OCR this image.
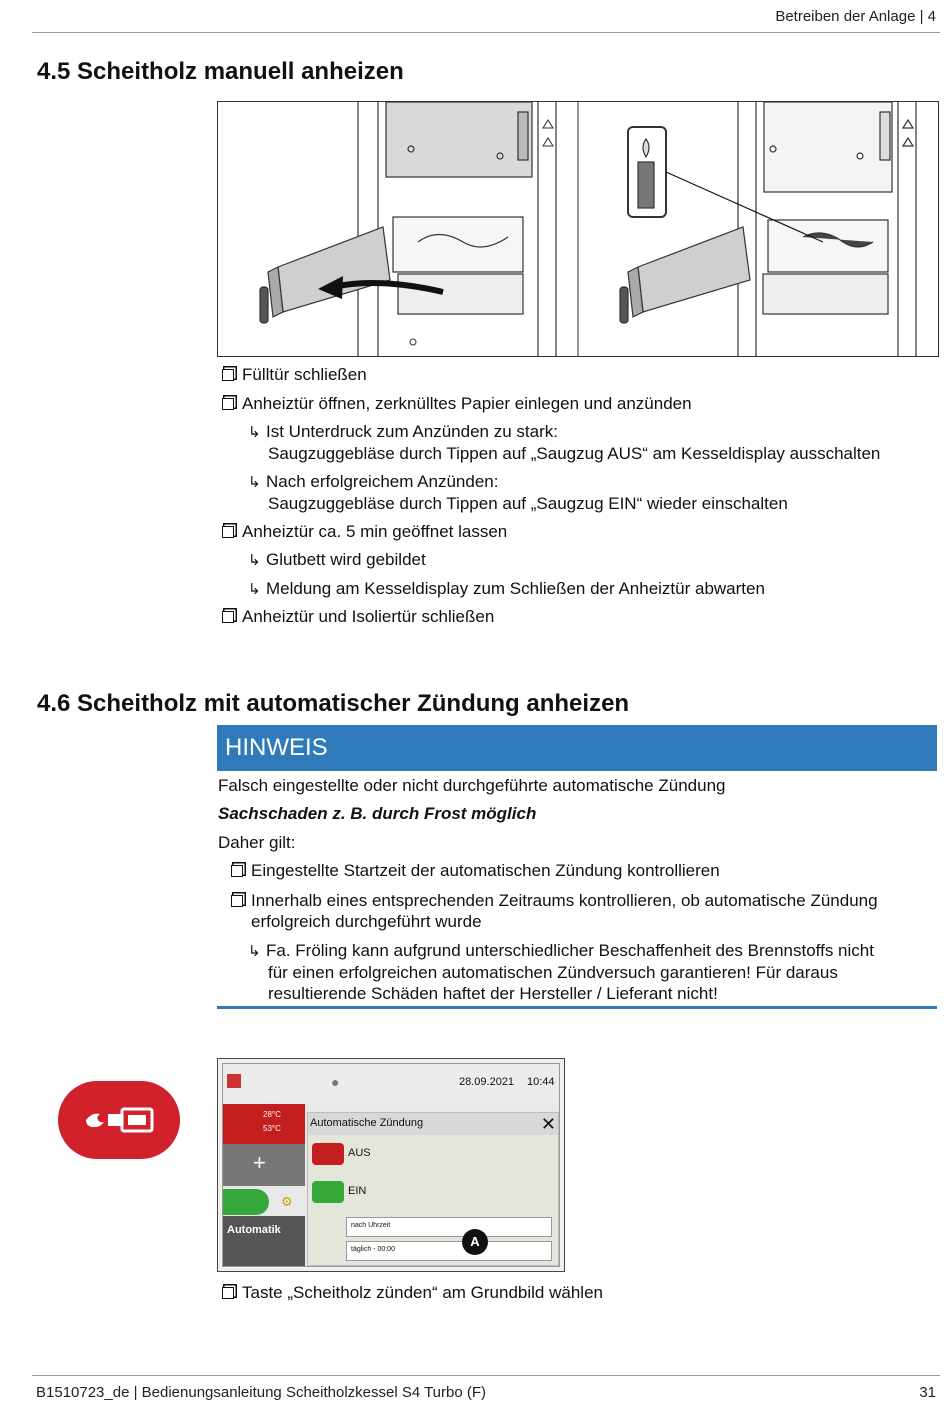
Betreiben der Anlage | 4
4.5 Scheitholz manuell anheizen
Fülltür schließen
Anheiztür öffnen, zerknülltes Papier einlegen und anzünden
↳ Ist Unterdruck zum Anzünden zu stark:
Saugzuggebläse durch Tippen auf „Saugzug AUS“ am Kesseldisplay ausschalten
↳ Nach erfolgreichem Anzünden:
Saugzuggebläse durch Tippen auf „Saugzug EIN“ wieder einschalten
Anheiztür ca. 5 min geöffnet lassen
↳ Glutbett wird gebildet
↳ Meldung am Kesseldisplay zum Schließen der Anheiztür abwarten
Anheiztür und Isoliertür schließen
4.6 Scheitholz mit automatischer Zündung anheizen
HINWEIS
Falsch eingestellte oder nicht durchgeführte automatische Zündung
Sachschaden z. B. durch Frost möglich
Daher gilt:
Eingestellte Startzeit der automatischen Zündung kontrollieren
Innerhalb eines entsprechenden Zeitraums kontrollieren, ob automatische Zündung
erfolgreich durchgeführt wurde
↳ Fa. Fröling kann aufgrund unterschiedlicher Beschaffenheit des Brennstoffs nicht
für einen erfolgreichen automatischen Zündversuch garantieren! Für daraus
resultierende Schäden haftet der Hersteller / Lieferant nicht!
●	28.09.2021 10:44
28°C
53°C
+
⚙
Automatik
Automatische Zündung	✕
AUS
EIN
nach Uhrzeit
täglich - 00:00
A
Taste „Scheitholz zünden“ am Grundbild wählen
B1510723_de | Bedienungsanleitung Scheitholzkessel S4 Turbo (F)	31
